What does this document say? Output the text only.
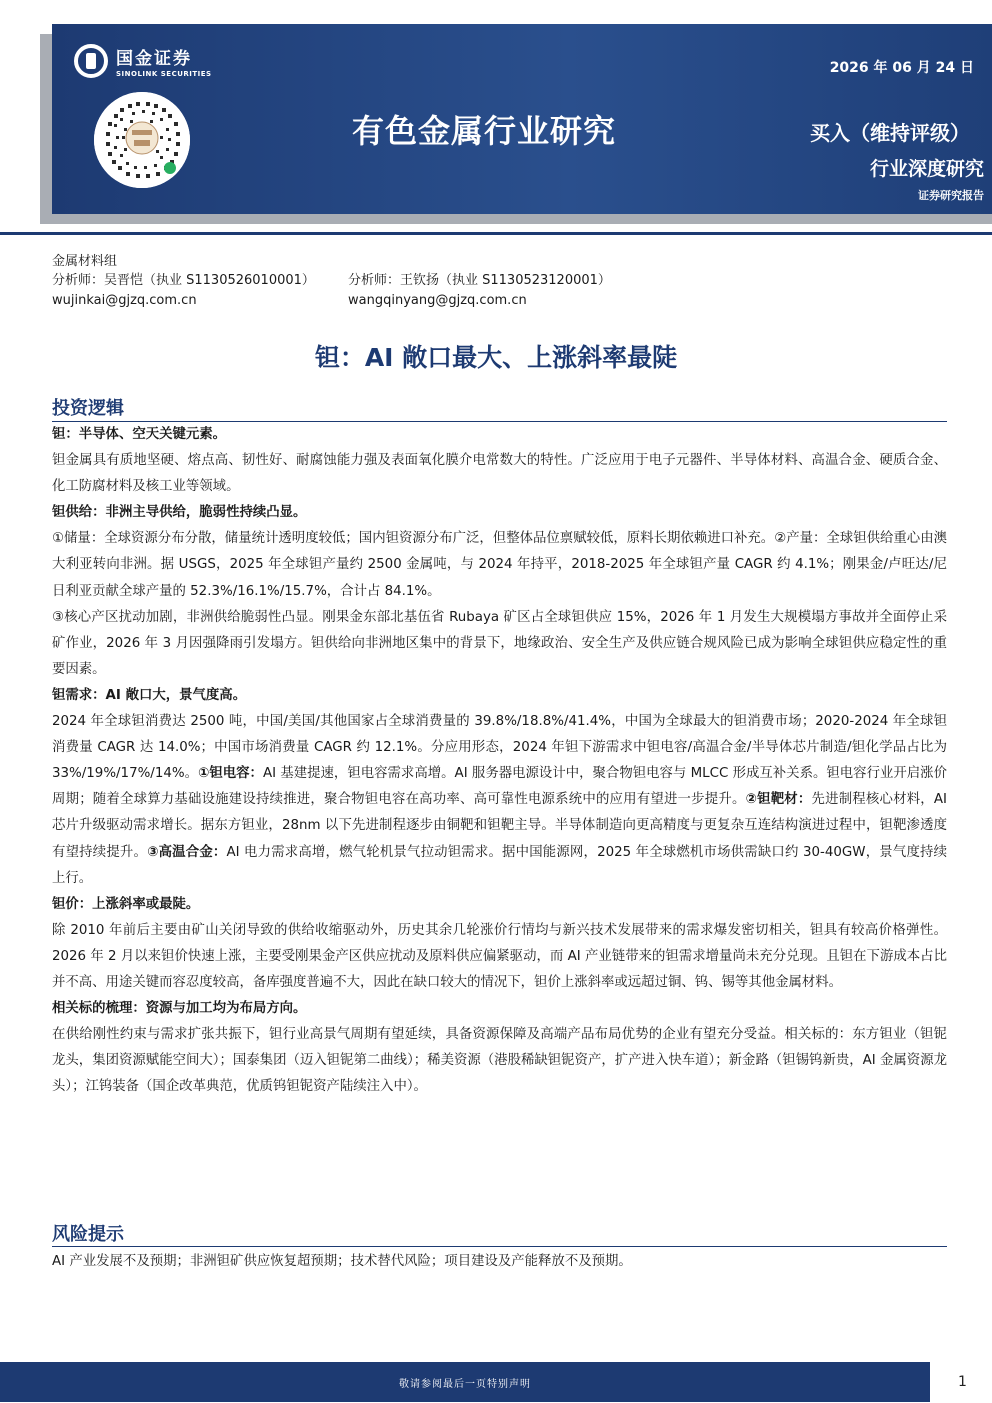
国金证券
SINOLINK SECURITIES	2026 年 06 月 24 日
有色金属行业研究	买入（维持评级）
行业深度研究
证券研究报告
金属材料组
分析师：吴晋恺（执业 S1130526010001）
wujinkai@gjzq.com.cn
分析师：王钦扬（执业 S1130523120001）
wangqinyang@gjzq.com.cn
钽：AI 敞口最大、上涨斜率最陡
投资逻辑

钽：半导体、空天关键元素。

钽金属具有质地坚硬、熔点高、韧性好、耐腐蚀能力强及表面氧化膜介电常数大的特性。广泛应用于电子元器件、半导体材料、高温合金、硬质合金、化工防腐材料及核工业等领域。

钽供给：非洲主导供给，脆弱性持续凸显。

①储量：全球资源分布分散，储量统计透明度较低；国内钽资源分布广泛，但整体品位禀赋较低，原料长期依赖进口补充。②产量：全球钽供给重心由澳大利亚转向非洲。据 USGS，2025 年全球钽产量约 2500 金属吨，与 2024 年持平，2018-2025 年全球钽产量 CAGR 约 4.1%；刚果金/卢旺达/尼日利亚贡献全球产量的 52.3%/16.1%/15.7%，合计占 84.1%。

③核心产区扰动加剧，非洲供给脆弱性凸显。刚果金东部北基伍省 Rubaya 矿区占全球钽供应 15%，2026 年 1 月发生大规模塌方事故并全面停止采矿作业，2026 年 3 月因强降雨引发塌方。钽供给向非洲地区集中的背景下，地缘政治、安全生产及供应链合规风险已成为影响全球钽供应稳定性的重要因素。

钽需求：AI 敞口大，景气度高。

2024 年全球钽消费达 2500 吨，中国/美国/其他国家占全球消费量的 39.8%/18.8%/41.4%，中国为全球最大的钽消费市场；2020-2024 年全球钽消费量 CAGR 达 14.0%；中国市场消费量 CAGR 约 12.1%。分应用形态，2024 年钽下游需求中钽电容/高温合金/半导体芯片制造/钽化学品占比为 33%/19%/17%/14%。①钽电容：AI 基建提速，钽电容需求高增。AI 服务器电源设计中，聚合物钽电容与 MLCC 形成互补关系。钽电容行业开启涨价周期；随着全球算力基础设施建设持续推进，聚合物钽电容在高功率、高可靠性电源系统中的应用有望进一步提升。②钽靶材：先进制程核心材料，AI 芯片升级驱动需求增长。据东方钽业，28nm 以下先进制程逐步由铜靶和钽靶主导。半导体制造向更高精度与更复杂互连结构演进过程中，钽靶渗透度有望持续提升。③高温合金：AI 电力需求高增，燃气轮机景气拉动钽需求。据中国能源网，2025 年全球燃机市场供需缺口约 30-40GW，景气度持续上行。

钽价：上涨斜率或最陡。

除 2010 年前后主要由矿山关闭导致的供给收缩驱动外，历史其余几轮涨价行情均与新兴技术发展带来的需求爆发密切相关，钽具有较高价格弹性。2026 年 2 月以来钽价快速上涨，主要受刚果金产区供应扰动及原料供应偏紧驱动，而 AI 产业链带来的钽需求增量尚未充分兑现。且钽在下游成本占比并不高、用途关键而容忍度较高，备库强度普遍不大，因此在缺口较大的情况下，钽价上涨斜率或远超过铜、钨、锡等其他金属材料。

相关标的梳理：资源与加工均为布局方向。

在供给刚性约束与需求扩张共振下，钽行业高景气周期有望延续，具备资源保障及高端产品布局优势的企业有望充分受益。相关标的：东方钽业（钽铌龙头，集团资源赋能空间大）；国泰集团（迈入钽铌第二曲线）；稀美资源（港股稀缺钽铌资产，扩产进入快车道）；新金路（钽锡钨新贵，AI 金属资源龙头）；江钨装备（国企改革典范，优质钨钽铌资产陆续注入中）。

风险提示
AI 产业发展不及预期；非洲钽矿供应恢复超预期；技术替代风险；项目建设及产能释放不及预期。
敬请参阅最后一页特别声明	1
